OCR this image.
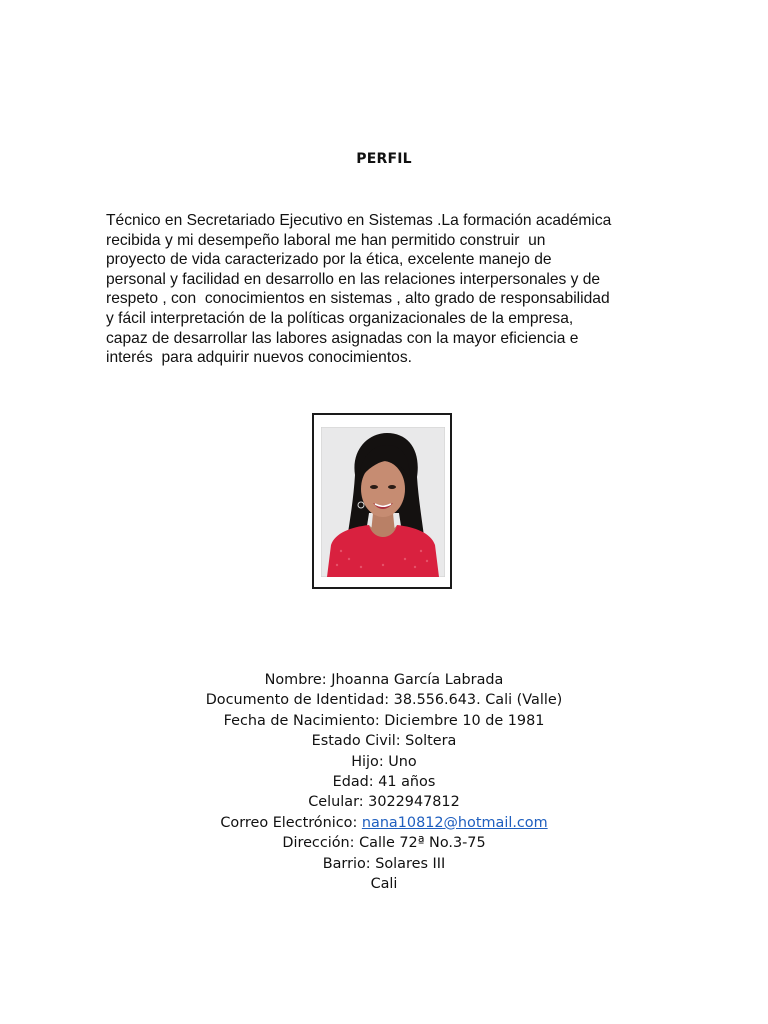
PERFIL
Técnico en Secretariado Ejecutivo en Sistemas .La formación académica
recibida y mi desempeño laboral me han permitido construir  un
proyecto de vida caracterizado por la ética, excelente manejo de
personal y facilidad en desarrollo en las relaciones interpersonales y de
respeto , con  conocimientos en sistemas , alto grado de responsabilidad
y fácil interpretación de la políticas organizacionales de la empresa,
capaz de desarrollar las labores asignadas con la mayor eficiencia e
interés  para adquirir nuevos conocimientos.
Nombre: Jhoanna García Labrada
Documento de Identidad: 38.556.643. Cali (Valle)
Fecha de Nacimiento: Diciembre 10 de 1981
Estado Civil: Soltera
Hijo: Uno
Edad: 41 años
Celular: 3022947812
Correo Electrónico: nana10812@hotmail.com
Dirección: Calle 72ª No.3-75
Barrio: Solares III
Cali
